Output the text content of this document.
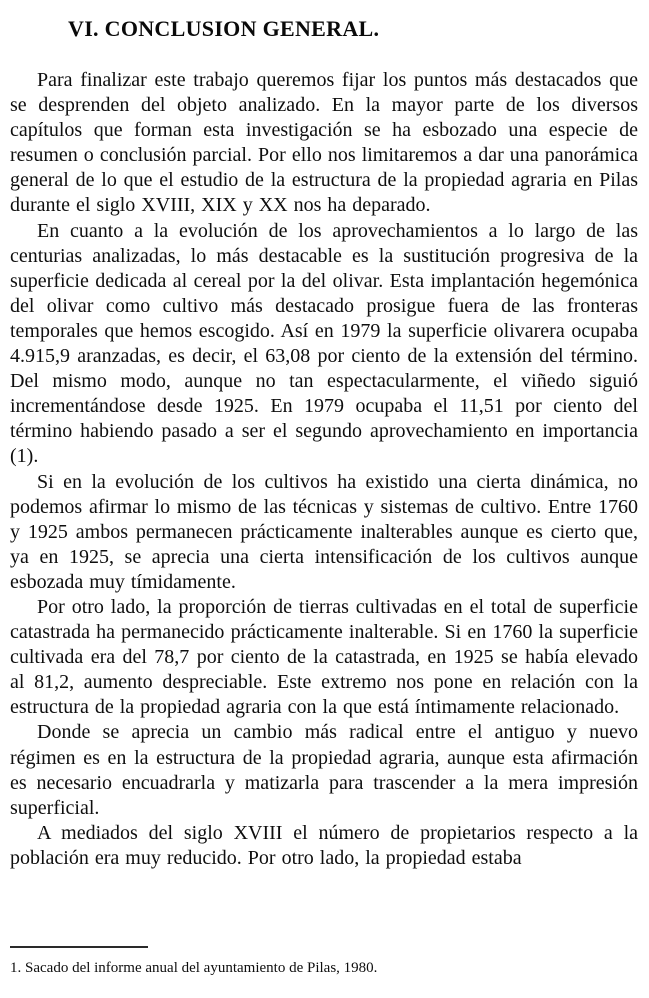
VI. CONCLUSION GENERAL.

Para finalizar este trabajo queremos fijar los puntos más destacados que se desprenden del objeto analizado. En la mayor parte de los diversos capítulos que forman esta investigación se ha esbozado una especie de resumen o conclusión parcial. Por ello nos limitaremos a dar una panorámica general de lo que el estudio de la estructura de la propiedad agraria en Pilas durante el siglo XVIII, XIX y XX nos ha deparado.

En cuanto a la evolución de los aprovechamientos a lo largo de las centurias analizadas, lo más destacable es la sustitución progresiva de la superficie dedicada al cereal por la del olivar. Esta implantación hegemónica del olivar como cultivo más destacado prosigue fuera de las fronteras temporales que hemos escogido. Así en 1979 la superficie olivarera ocupaba 4.915,9 aranzadas, es decir, el 63,08 por ciento de la extensión del término. Del mismo modo, aunque no tan espectacularmente, el viñedo siguió incrementándose desde 1925. En 1979 ocupaba el 11,51 por ciento del término habiendo pasado a ser el segundo aprovechamiento en importancia (1).

Si en la evolución de los cultivos ha existido una cierta dinámica, no podemos afirmar lo mismo de las técnicas y sistemas de cultivo. Entre 1760 y 1925 ambos permanecen prácticamente inalterables aunque es cierto que, ya en 1925, se aprecia una cierta intensificación de los cultivos aunque esbozada muy tímidamente.

Por otro lado, la proporción de tierras cultivadas en el total de superficie catastrada ha permanecido prácticamente inalterable. Si en 1760 la superficie cultivada era del 78,7 por ciento de la catastrada, en 1925 se había elevado al 81,2, aumento despreciable. Este extremo nos pone en relación con la estructura de la propiedad agraria con la que está íntimamente relacionado.

Donde se aprecia un cambio más radical entre el antiguo y nuevo régimen es en la estructura de la propiedad agraria, aunque esta afirmación es necesario encuadrarla y matizarla para trascender a la mera impresión superficial.

A mediados del siglo XVIII el número de propietarios respecto a la población era muy reducido. Por otro lado, la propiedad estaba

1. Sacado del informe anual del ayuntamiento de Pilas, 1980.
